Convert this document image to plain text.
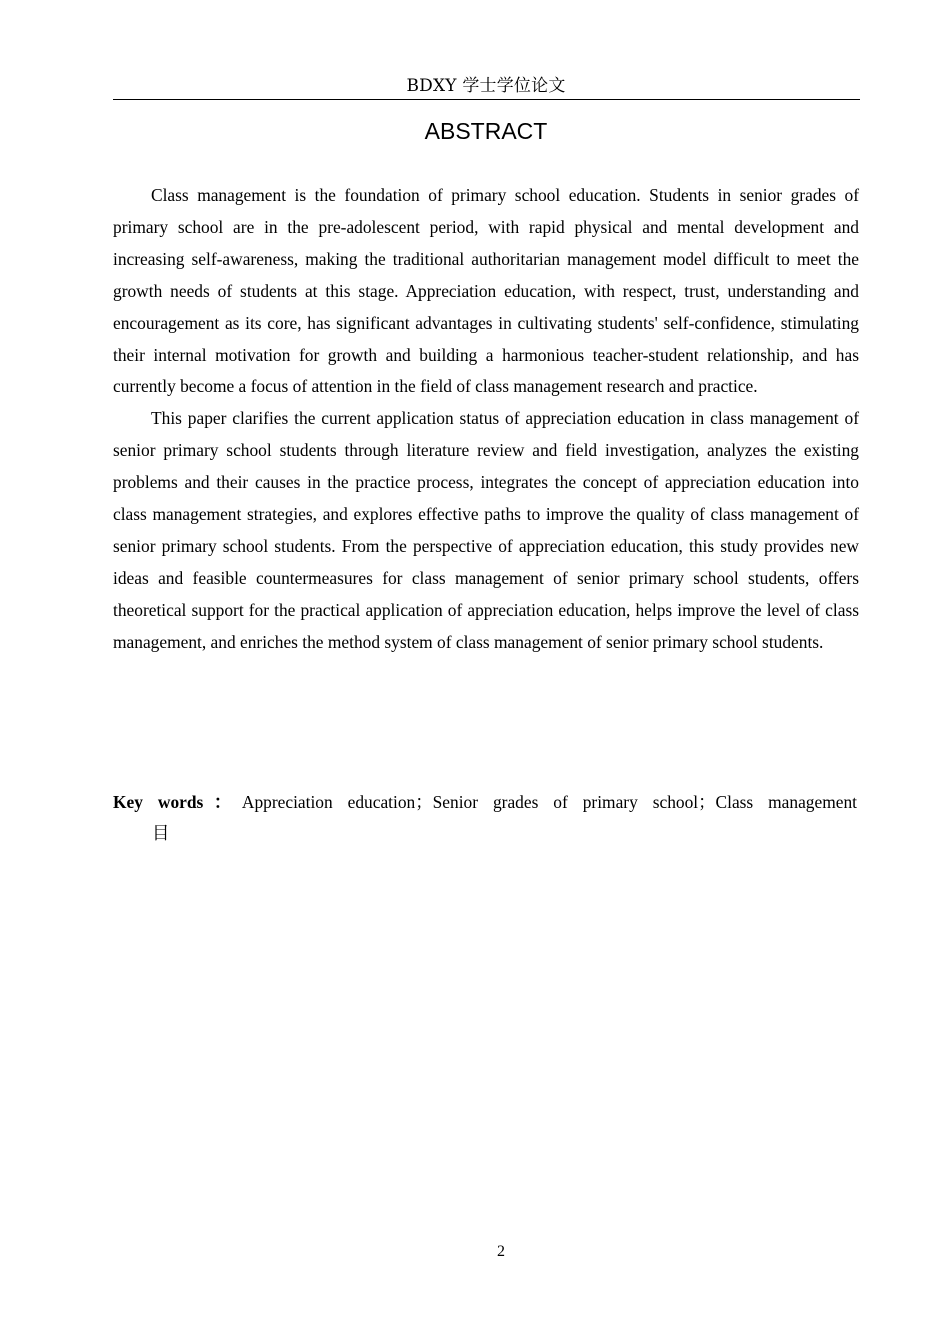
BDXY 学士学位论文
ABSTRACT

Class management is the foundation of primary school education. Students in senior grades of primary school are in the pre-adolescent period, with rapid physical and mental development and increasing self-awareness, making the traditional authoritarian management model difficult to meet the growth needs of students at this stage. Appreciation education, with respect, trust, understanding and encouragement as its core, has significant advantages in cultivating students' self-confidence, stimulating their internal motivation for growth and building a harmonious teacher-student relationship, and has currently become a focus of attention in the field of class management research and practice.

This paper clarifies the current application status of appreciation education in class management of senior primary school students through literature review and field investigation, analyzes the existing problems and their causes in the practice process, integrates the concept of appreciation education into class management strategies, and explores effective paths to improve the quality of class management of senior primary school students. From the perspective of appreciation education, this study provides new ideas and feasible countermeasures for class management of senior primary school students, offers theoretical support for the practical application of appreciation education, helps improve the level of class management, and enriches the method system of class management of senior primary school students.

Key words：Appreciation education；Senior grades of primary school；Class management
目
2
